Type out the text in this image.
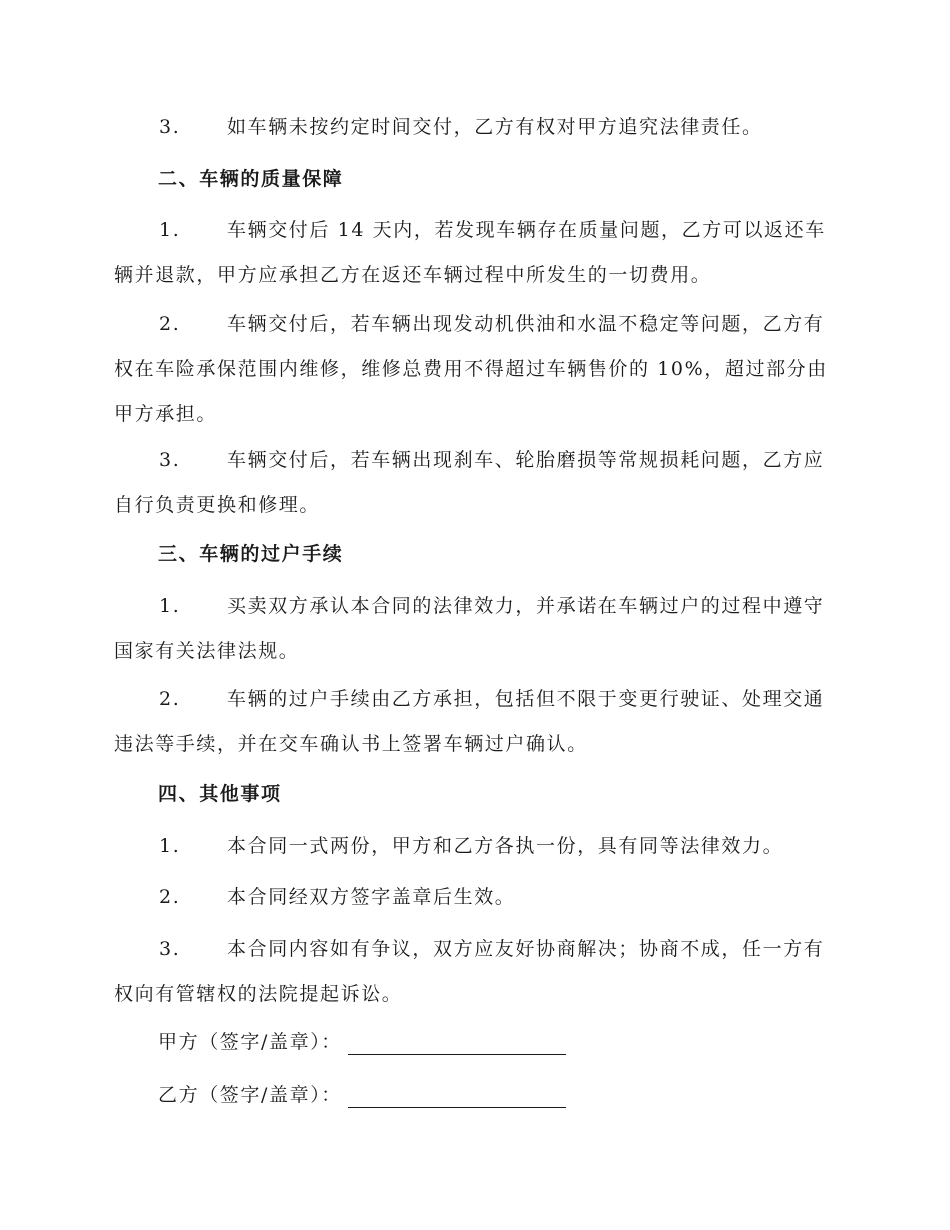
3. 如车辆未按约定时间交付，乙方有权对甲方追究法律责任。

二、车辆的质量保障

1. 车辆交付后 14 天内，若发现车辆存在质量问题，乙方可以返还车辆并退款，甲方应承担乙方在返还车辆过程中所发生的一切费用。

2. 车辆交付后，若车辆出现发动机供油和水温不稳定等问题，乙方有权在车险承保范围内维修，维修总费用不得超过车辆售价的 10%，超过部分由甲方承担。

3. 车辆交付后，若车辆出现刹车、轮胎磨损等常规损耗问题，乙方应自行负责更换和修理。

三、车辆的过户手续

1. 买卖双方承认本合同的法律效力，并承诺在车辆过户的过程中遵守国家有关法律法规。

2. 车辆的过户手续由乙方承担，包括但不限于变更行驶证、处理交通违法等手续，并在交车确认书上签署车辆过户确认。

四、其他事项

1. 本合同一式两份，甲方和乙方各执一份，具有同等法律效力。

2. 本合同经双方签字盖章后生效。

3. 本合同内容如有争议，双方应友好协商解决；协商不成，任一方有权向有管辖权的法院提起诉讼。

甲方（签字/盖章）：

乙方（签字/盖章）：
